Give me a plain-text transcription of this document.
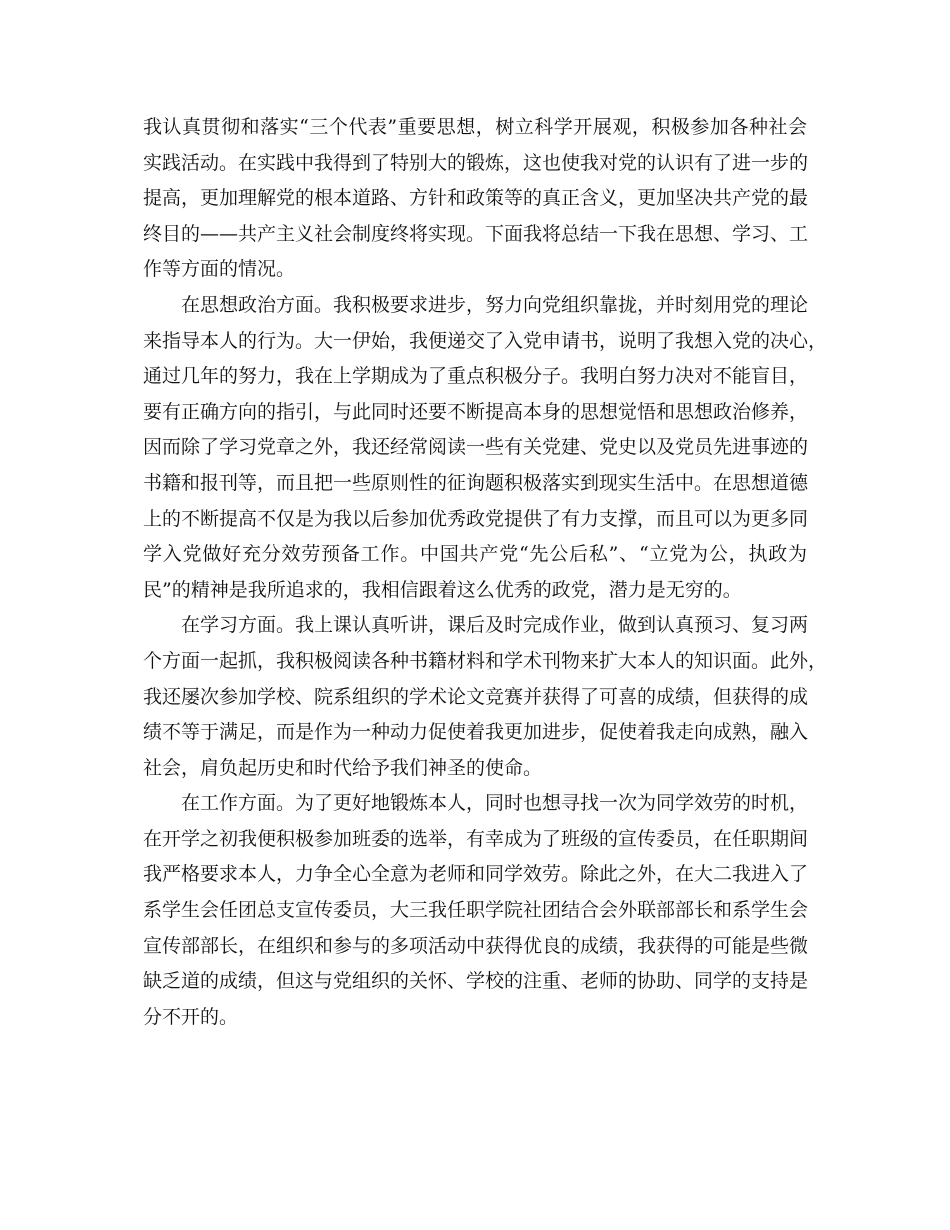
我认真贯彻和落实“三个代表”重要思想，树立科学开展观，积极参加各种社会
实践活动。在实践中我得到了特别大的锻炼，这也使我对党的认识有了进一步的
提高，更加理解党的根本道路、方针和政策等的真正含义，更加坚决共产党的最
终目的——共产主义社会制度终将实现。下面我将总结一下我在思想、学习、工
作等方面的情况。
在思想政治方面。我积极要求进步，努力向党组织靠拢，并时刻用党的理论
来指导本人的行为。大一伊始，我便递交了入党申请书，说明了我想入党的决心，
通过几年的努力，我在上学期成为了重点积极分子。我明白努力决对不能盲目，
要有正确方向的指引，与此同时还要不断提高本身的思想觉悟和思想政治修养，
因而除了学习党章之外，我还经常阅读一些有关党建、党史以及党员先进事迹的
书籍和报刊等，而且把一些原则性的征询题积极落实到现实生活中。在思想道德
上的不断提高不仅是为我以后参加优秀政党提供了有力支撑，而且可以为更多同
学入党做好充分效劳预备工作。中国共产党“先公后私”、“立党为公，执政为
民”的精神是我所追求的，我相信跟着这么优秀的政党，潜力是无穷的。
在学习方面。我上课认真听讲，课后及时完成作业，做到认真预习、复习两
个方面一起抓，我积极阅读各种书籍材料和学术刊物来扩大本人的知识面。此外，
我还屡次参加学校、院系组织的学术论文竞赛并获得了可喜的成绩，但获得的成
绩不等于满足，而是作为一种动力促使着我更加进步，促使着我走向成熟，融入
社会，肩负起历史和时代给予我们神圣的使命。
在工作方面。为了更好地锻炼本人，同时也想寻找一次为同学效劳的时机，
在开学之初我便积极参加班委的选举，有幸成为了班级的宣传委员，在任职期间
我严格要求本人，力争全心全意为老师和同学效劳。除此之外，在大二我进入了
系学生会任团总支宣传委员，大三我任职学院社团结合会外联部部长和系学生会
宣传部部长，在组织和参与的多项活动中获得优良的成绩，我获得的可能是些微
缺乏道的成绩，但这与党组织的关怀、学校的注重、老师的协助、同学的支持是
分不开的。
